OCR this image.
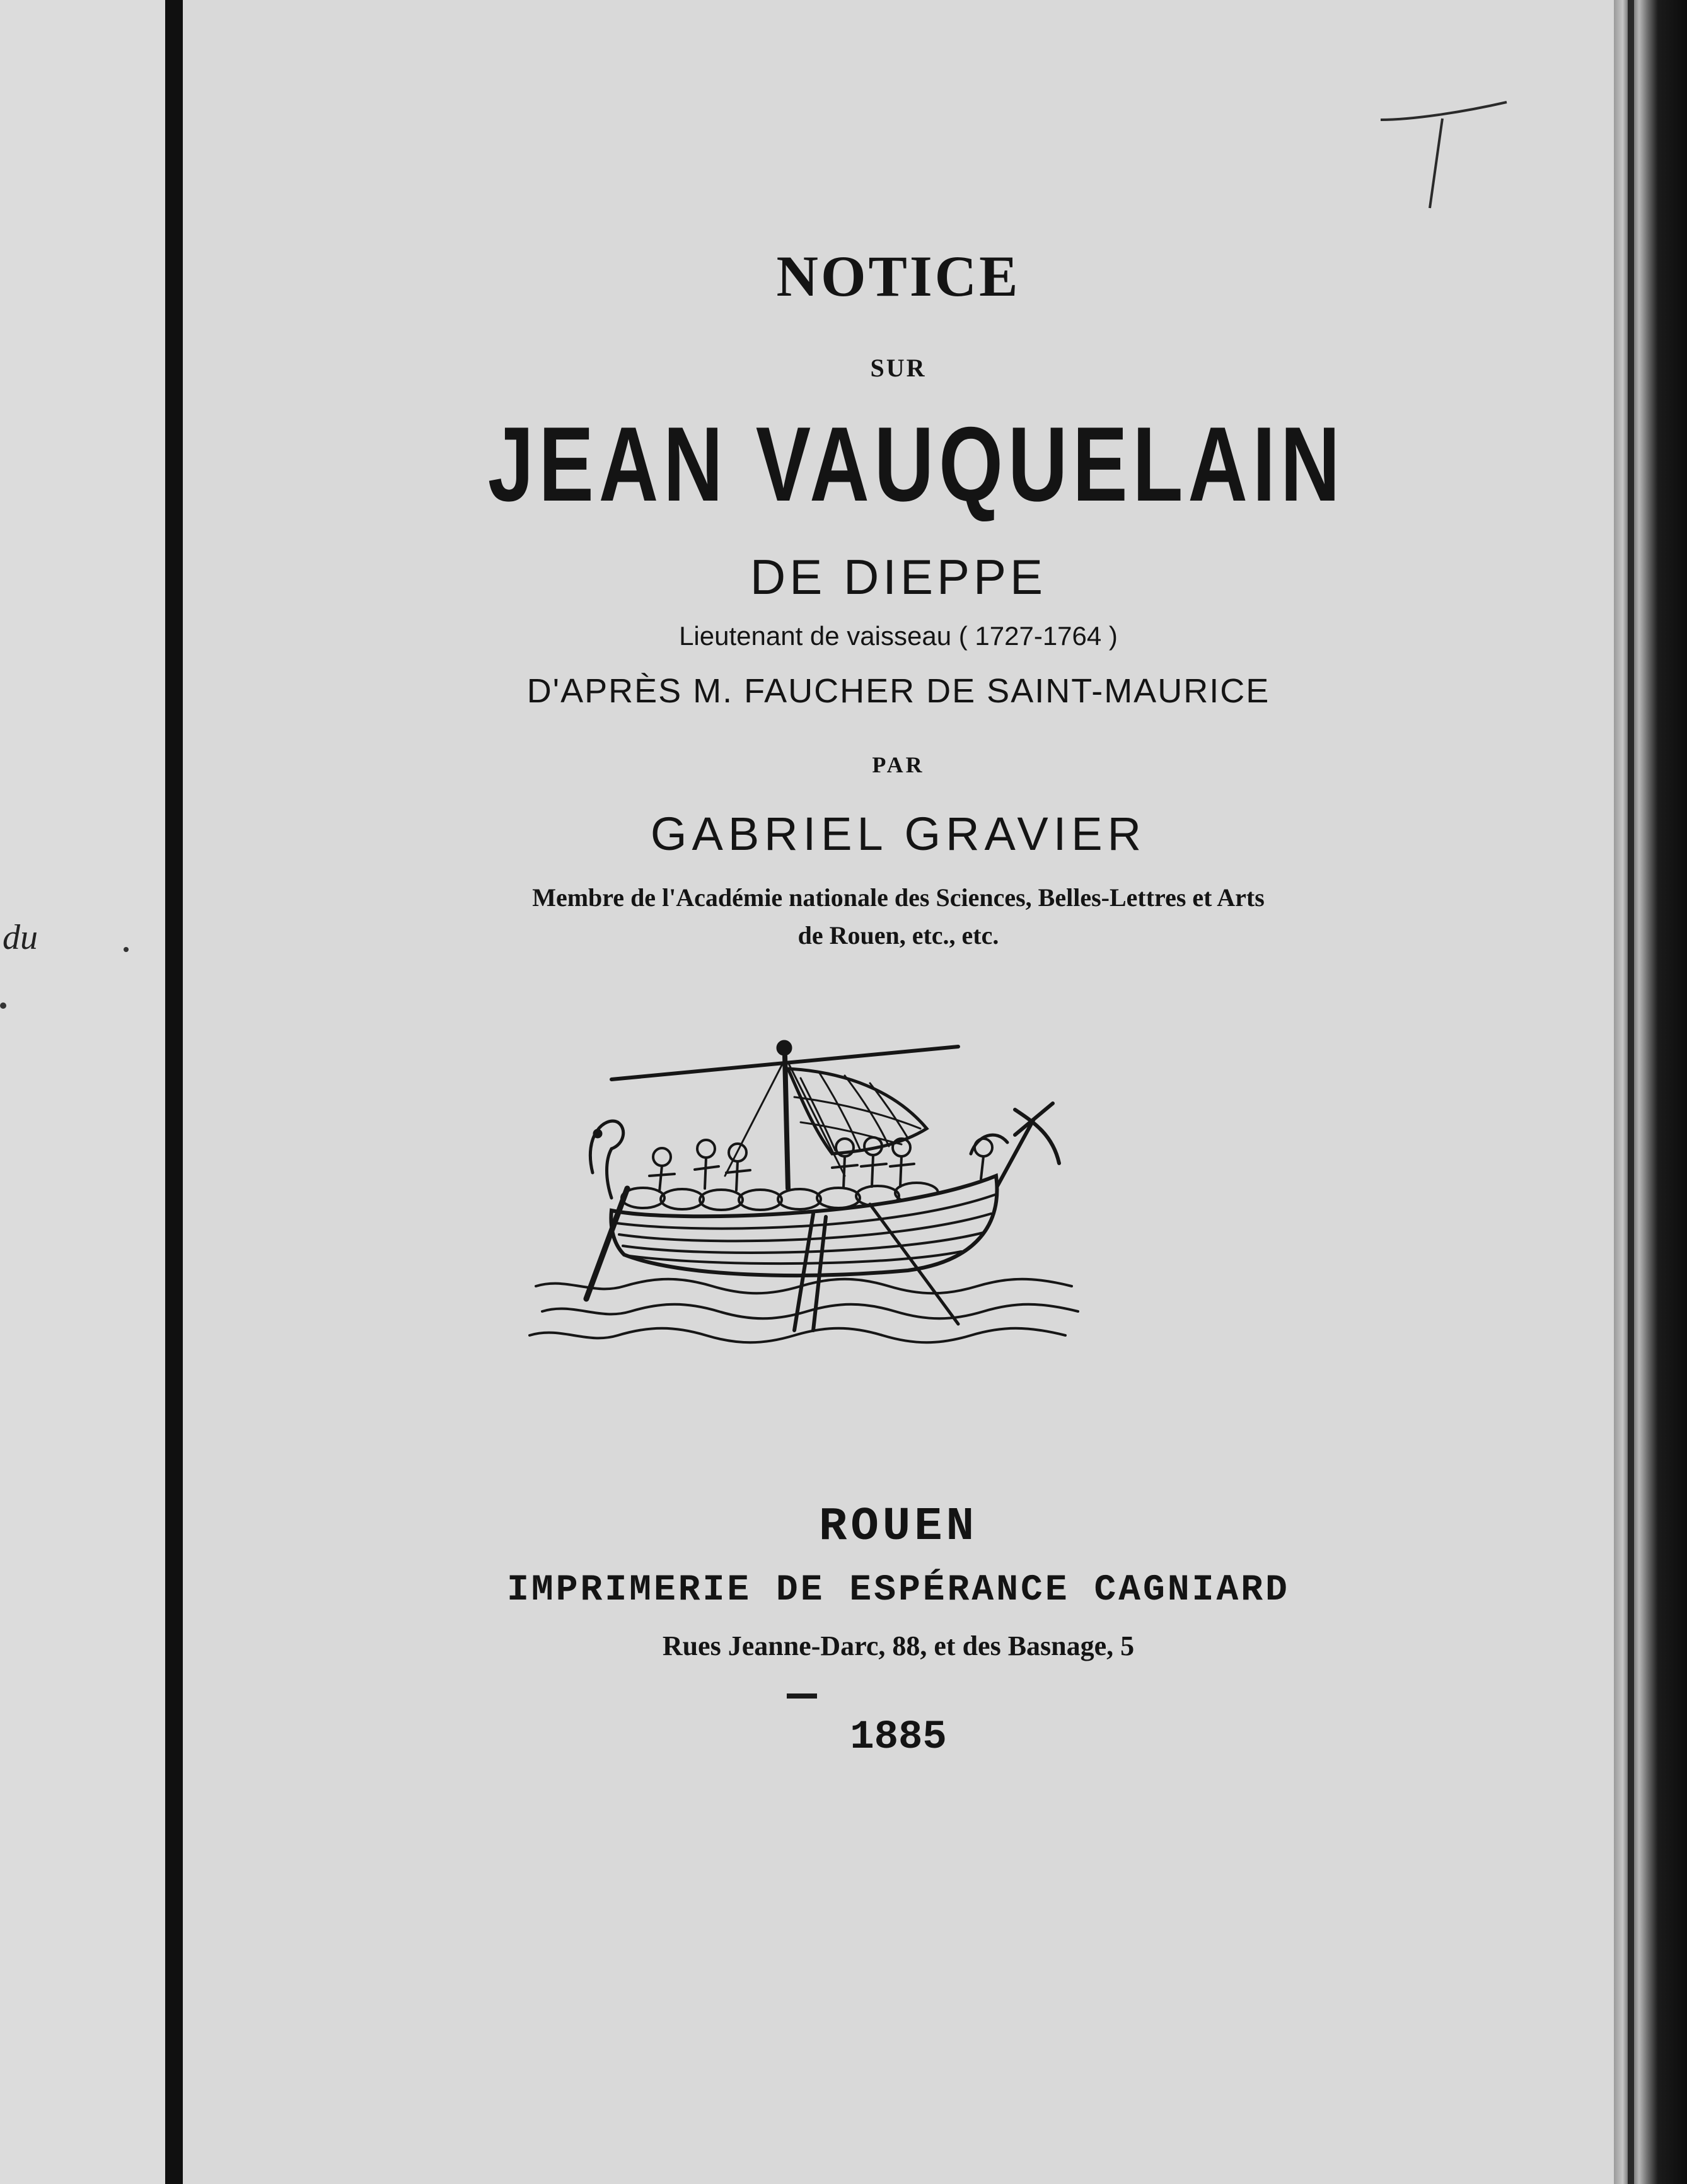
du
NOTICE
SUR
JEAN VAUQUELAIN
DE DIEPPE
Lieutenant de vaisseau ( 1727-1764 )
D'APRÈS M. FAUCHER DE SAINT-MAURICE
PAR
GABRIEL GRAVIER
Membre de l'Académie nationale des Sciences, Belles-Lettres et Arts
de Rouen, etc., etc.
ROUEN
IMPRIMERIE DE ESPÉRANCE CAGNIARD
Rues Jeanne-Darc, 88, et des Basnage, 5
1885
